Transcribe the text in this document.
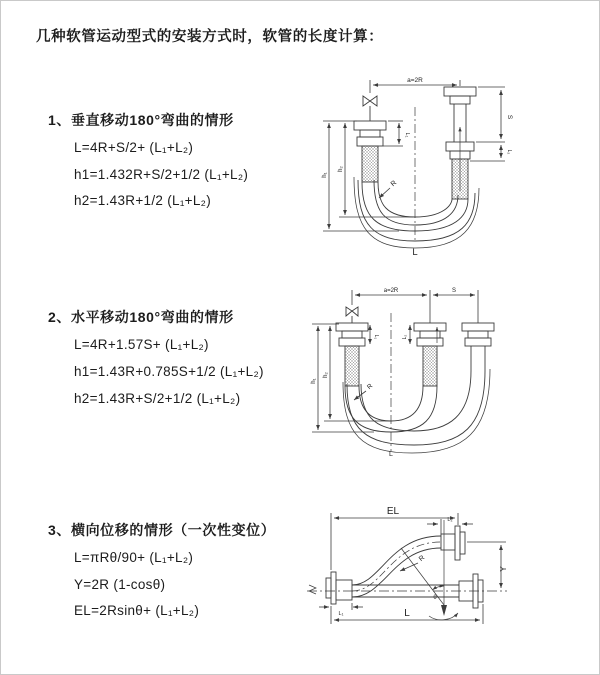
几种软管运动型式的安装方式时，软管的长度计算：
1、垂直移动180°弯曲的情形
L=4R+S/2+ (L₁+L₂)
h1=1.432R+S/2+1/2 (L₁+L₂)
h2=1.43R+1/2 (L₁+L₂)
2、水平移动180°弯曲的情形
L=4R+1.57S+ (L₁+L₂)
h1=1.43R+0.785S+1/2 (L₁+L₂)
h2=1.43R+S/2+1/2 (L₁+L₂)
3、横向位移的情形（一次性变位）
L=πRθ/90+ (L₁+L₂)
Y=2R (1-cosθ)
EL=2Rsinθ+ (L₁+L₂)
a=2R
L₁
S
L₂
h₂
h₁
R
L
a=2R	S
L₁	L₂
h₂
h₁
R
L
EL
L₂
Y
R
θ
L
L₁
